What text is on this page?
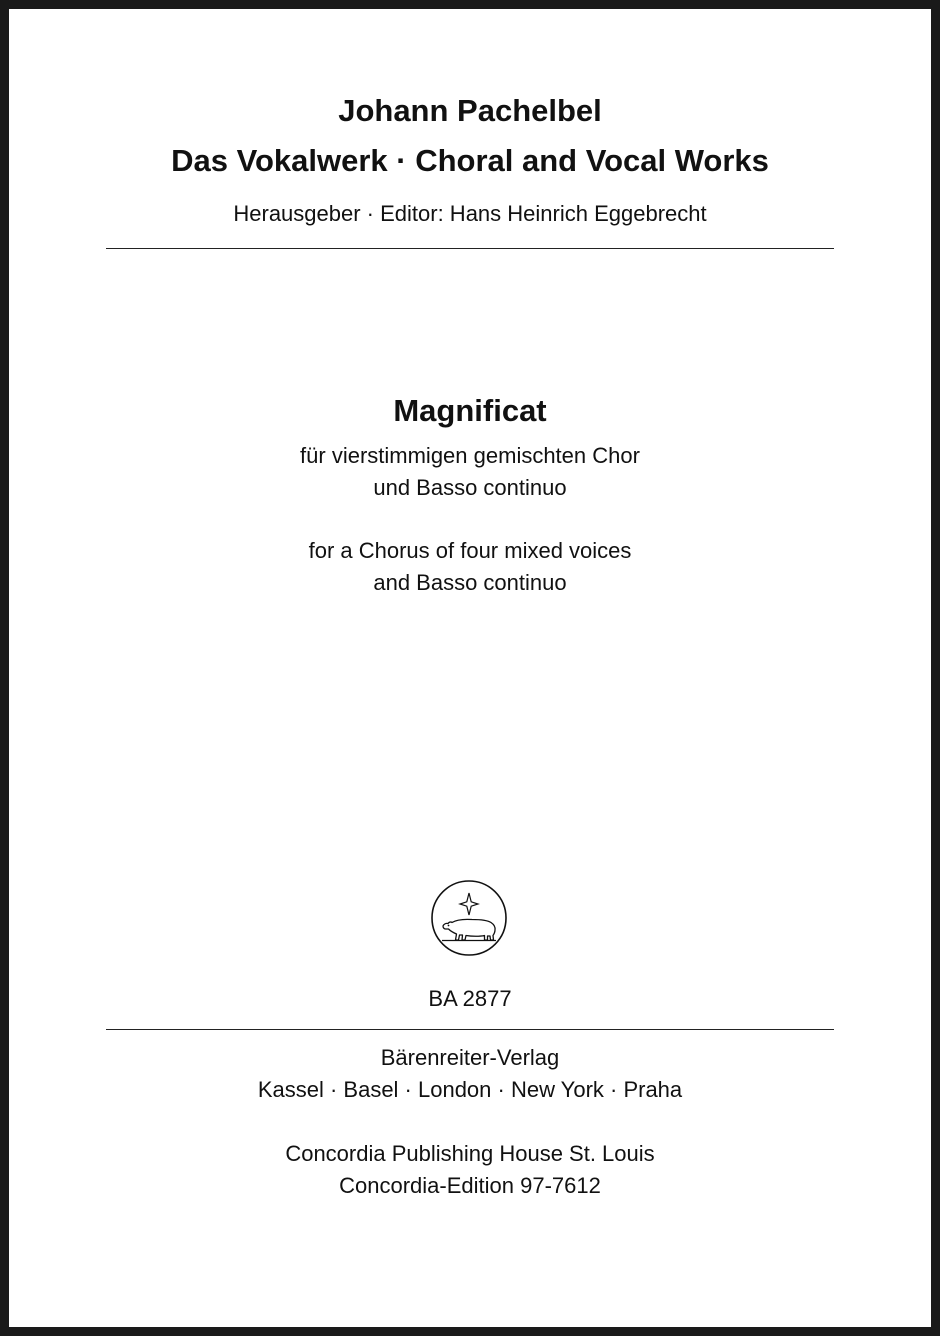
Johann Pachelbel
Das Vokalwerk · Choral and Vocal Works
Herausgeber · Editor: Hans Heinrich Eggebrecht
Magnificat
für vierstimmigen gemischten Chor
und Basso continuo
for a Chorus of four mixed voices
and Basso continuo
BA 2877
Bärenreiter-Verlag
Kassel · Basel · London · New York · Praha
Concordia Publishing House St. Louis
Concordia-Edition 97-7612
